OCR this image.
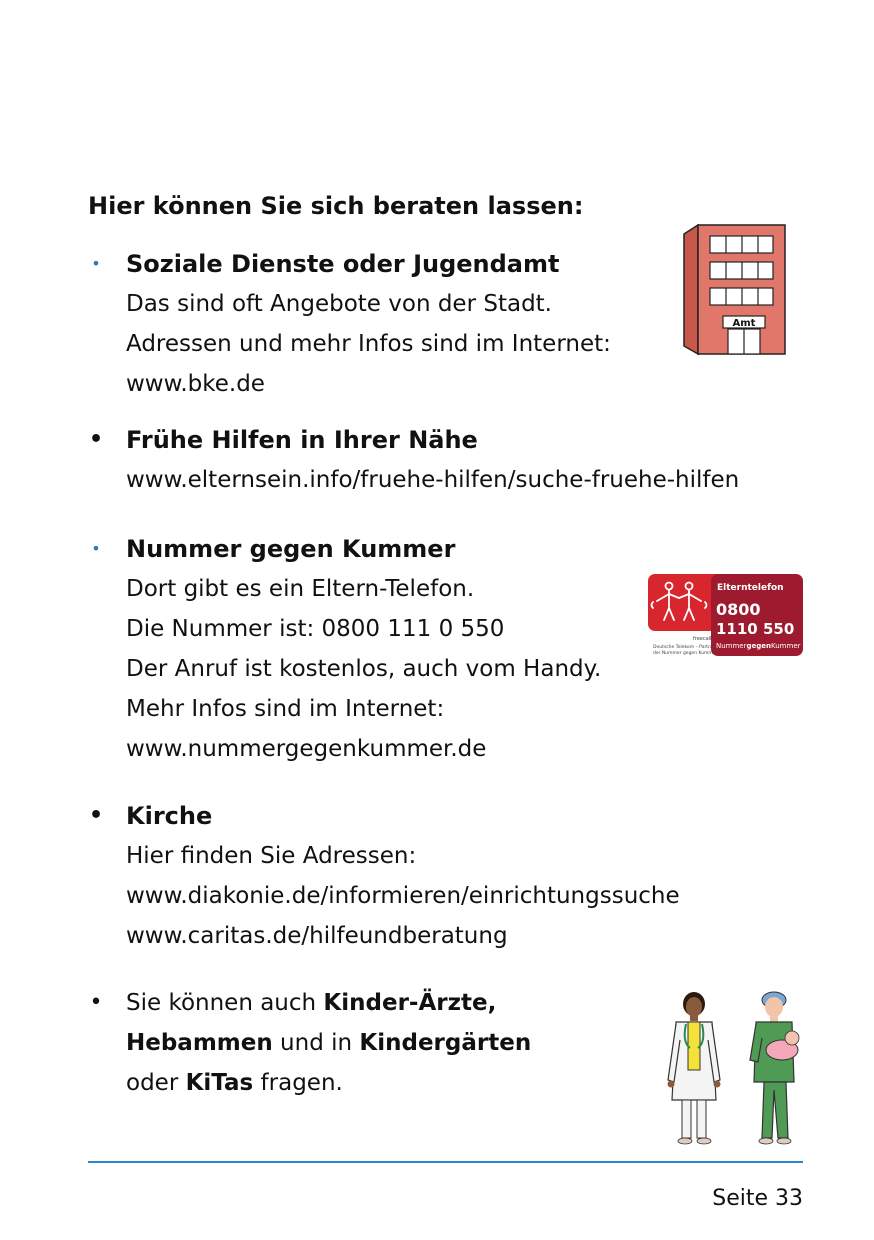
Hier können Sie sich beraten lassen:
• Soziale Dienste oder Jugendamt
Das sind oft Angebote von der Stadt.
Adressen und mehr Infos sind im Internet:
www.bke.de
Amt
• Frühe Hilfen in Ihrer Nähe
www.elternsein.info/fruehe-hilfen/suche-fruehe-hilfen
• Nummer gegen Kummer
Dort gibt es ein Eltern-Telefon.
Die Nummer ist: 0800 111 0 550
Der Anruf ist kostenlos, auch vom Handy.
Mehr Infos sind im Internet:
www.nummergegenkummer.de
Elterntelefon
0800
1110 550
NummergegenKummer
freecall
Deutsche Telekom – Partner
der Nummer gegen Kummer
• Kirche
Hier finden Sie Adressen:
www.diakonie.de/informieren/einrichtungssuche
www.caritas.de/hilfeundberatung
• Sie können auch Kinder-Ärzte,
Hebammen und in Kindergärten
oder KiTas fragen.
Seite 33
